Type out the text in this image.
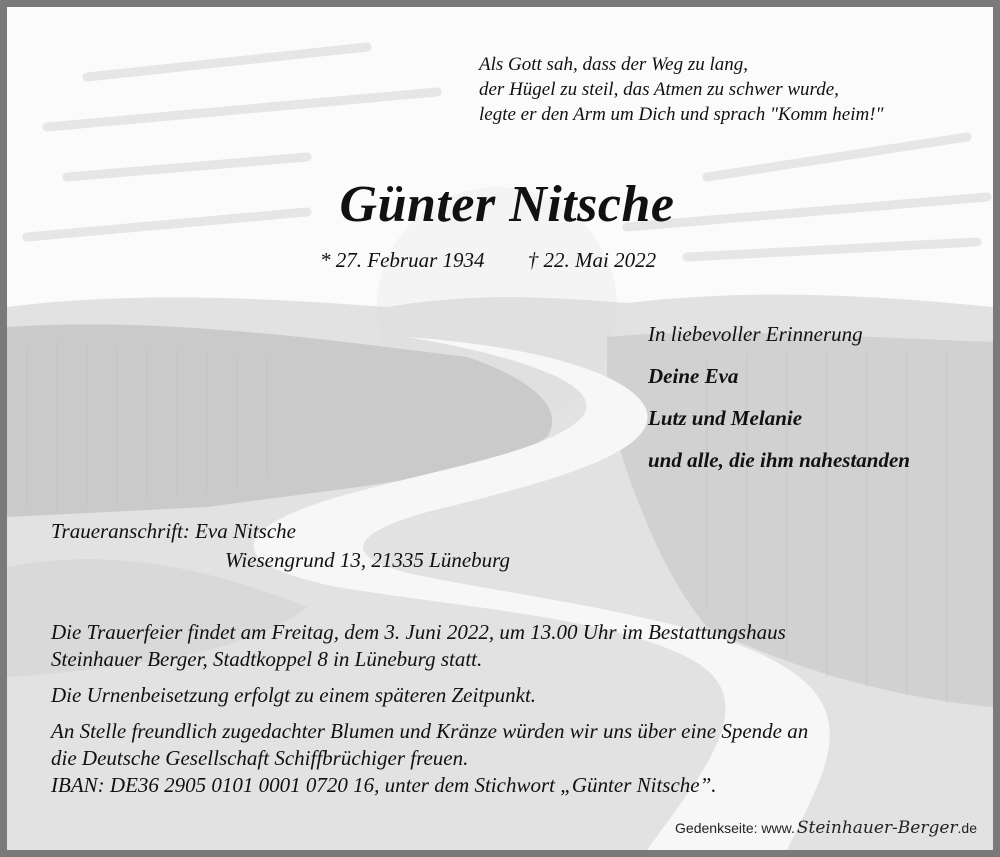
Als Gott sah, dass der Weg zu lang,
der Hügel zu steil, das Atmen zu schwer wurde,
legte er den Arm um Dich und sprach "Komm heim!"
Günter Nitsche
* 27. Februar 1934 † 22. Mai 2022
In liebevoller Erinnerung
Deine Eva
Lutz und Melanie
und alle, die ihm nahestanden
Traueranschrift: Eva Nitsche
Wiesengrund 13, 21335 Lüneburg

Die Trauerfeier findet am Freitag, dem 3. Juni 2022, um 13.00 Uhr im Bestattungshaus
Steinhauer Berger, Stadtkoppel 8 in Lüneburg statt.

Die Urnenbeisetzung erfolgt zu einem späteren Zeitpunkt.

An Stelle freundlich zugedachter Blumen und Kränze würden wir uns über eine Spende an
die Deutsche Gesellschaft Schiffbrüchiger freuen.
IBAN: DE36 2905 0101 0001 0720 16, unter dem Stichwort „Günter Nitsche”.

Gedenkseite: www. Steinhauer-Berger .de
